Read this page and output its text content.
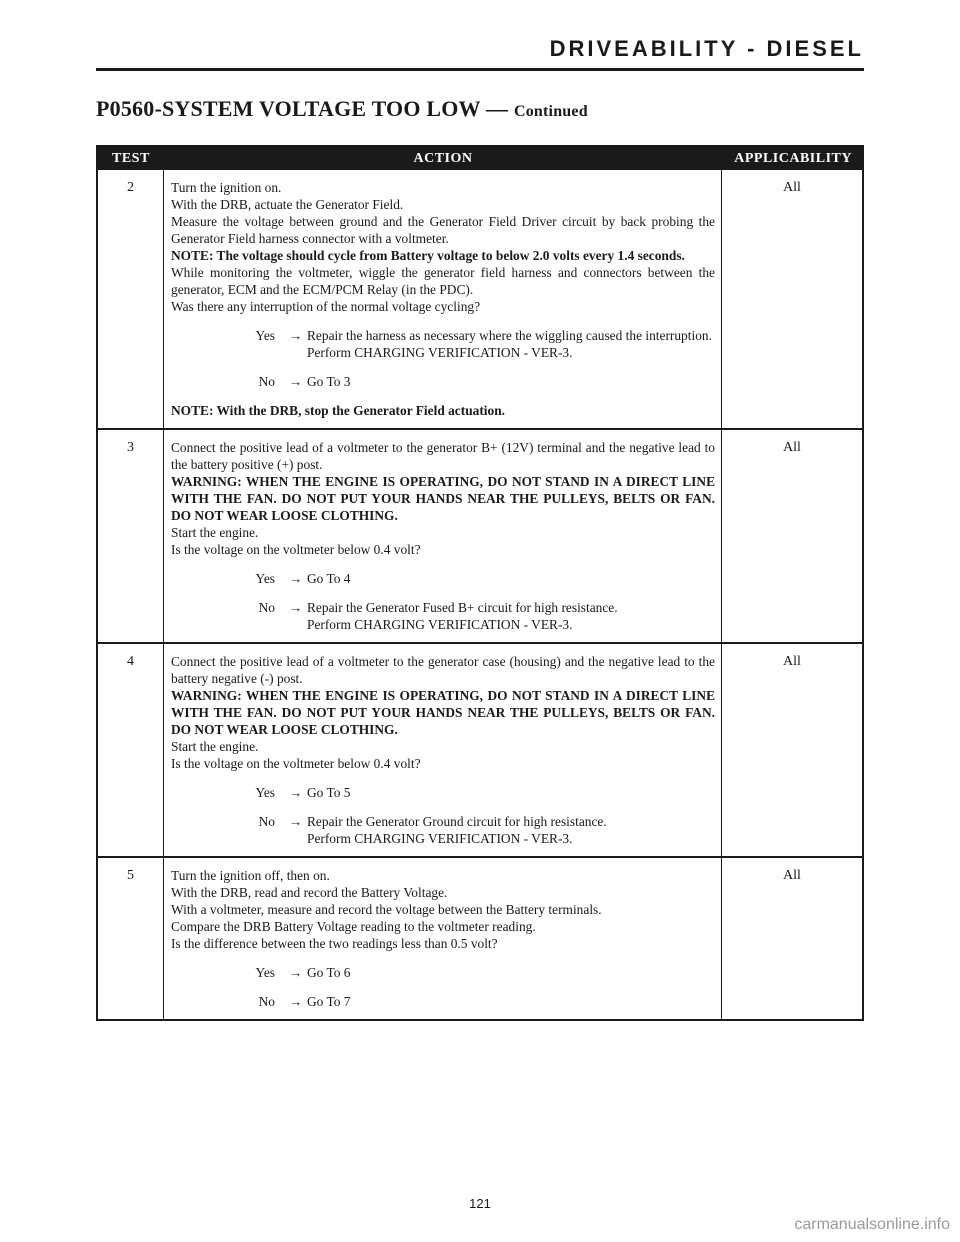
DRIVEABILITY - DIESEL
P0560-SYSTEM VOLTAGE TOO LOW — Continued
TEST	ACTION	APPLICABILITY
2	Turn the ignition on.
With the DRB, actuate the Generator Field.
Measure the voltage between ground and the Generator Field Driver circuit by back probing the Generator Field harness connector with a voltmeter.
NOTE: The voltage should cycle from Battery voltage to below 2.0 volts every 1.4 seconds.
While monitoring the voltmeter, wiggle the generator field harness and connectors between the generator, ECM and the ECM/PCM Relay (in the PDC).
Was there any interruption of the normal voltage cycling?
Yes	→ Repair the harness as necessary where the wiggling caused the interruption.
Perform CHARGING VERIFICATION - VER-3.
No	→ Go To 3
NOTE: With the DRB, stop the Generator Field actuation.
All
3	Connect the positive lead of a voltmeter to the generator B+ (12V) terminal and the negative lead to the battery positive (+) post.
WARNING: WHEN THE ENGINE IS OPERATING, DO NOT STAND IN A DIRECT LINE WITH THE FAN. DO NOT PUT YOUR HANDS NEAR THE PULLEYS, BELTS OR FAN. DO NOT WEAR LOOSE CLOTHING.
Start the engine.
Is the voltage on the voltmeter below 0.4 volt?
Yes	→ Go To 4
No	→ Repair the Generator Fused B+ circuit for high resistance.
Perform CHARGING VERIFICATION - VER-3.
All
4	Connect the positive lead of a voltmeter to the generator case (housing) and the negative lead to the battery negative (-) post.
WARNING: WHEN THE ENGINE IS OPERATING, DO NOT STAND IN A DIRECT LINE WITH THE FAN. DO NOT PUT YOUR HANDS NEAR THE PULLEYS, BELTS OR FAN. DO NOT WEAR LOOSE CLOTHING.
Start the engine.
Is the voltage on the voltmeter below 0.4 volt?
Yes	→ Go To 5
No	→ Repair the Generator Ground circuit for high resistance.
Perform CHARGING VERIFICATION - VER-3.
All
5	Turn the ignition off, then on.
With the DRB, read and record the Battery Voltage.
With a voltmeter, measure and record the voltage between the Battery terminals.
Compare the DRB Battery Voltage reading to the voltmeter reading.
Is the difference between the two readings less than 0.5 volt?
Yes	→ Go To 6
No	→ Go To 7
All
121
carmanualsonline.info
